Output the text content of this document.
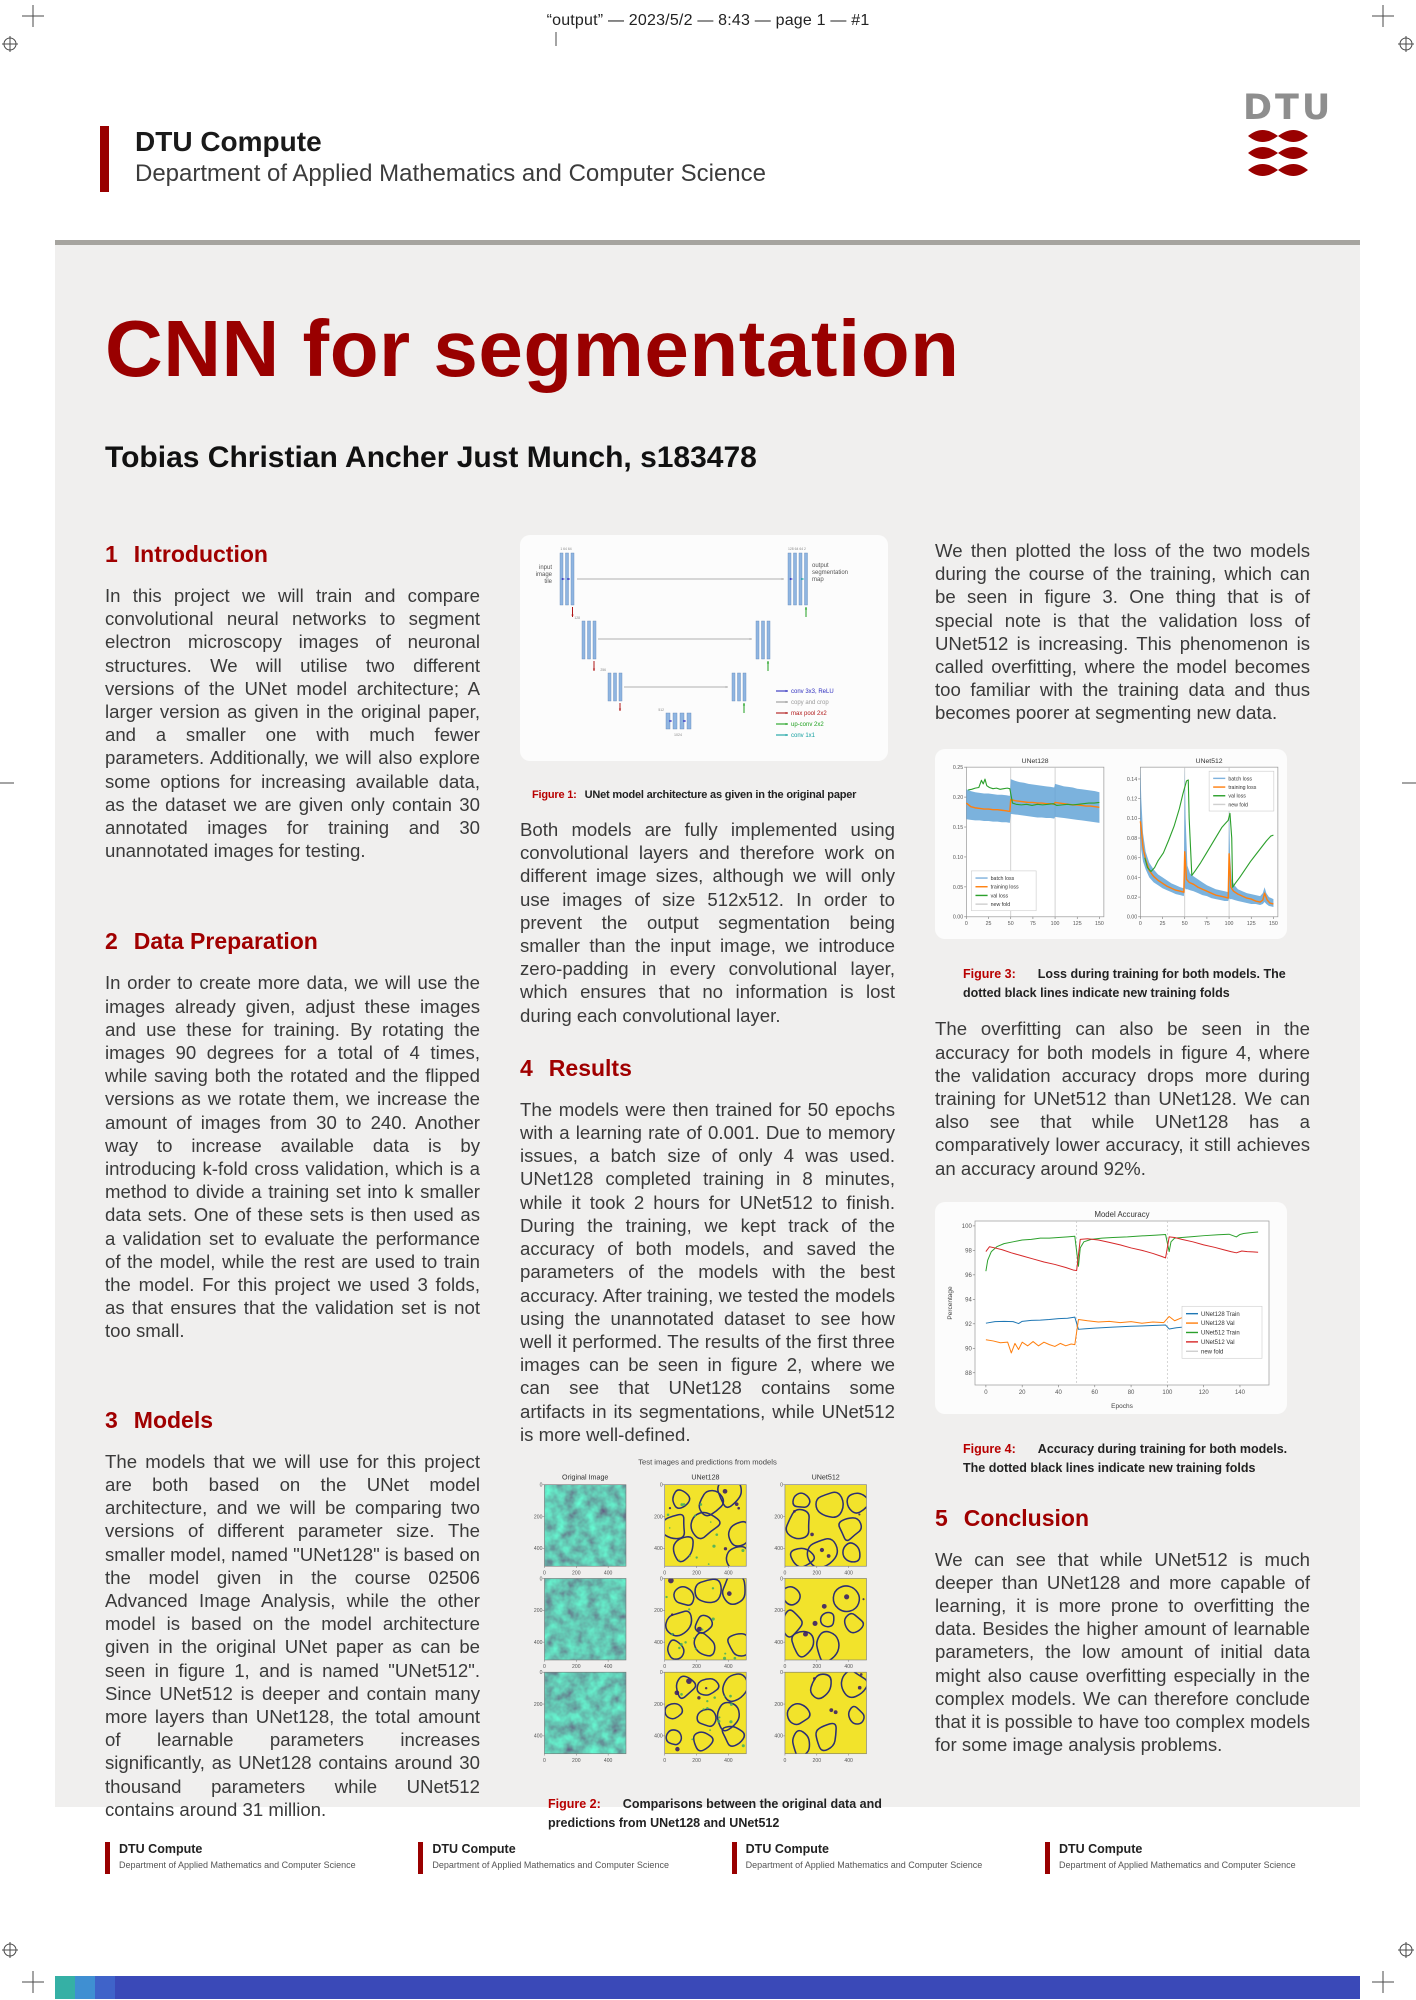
“output” — 2023/5/2 — 8:43 — page 1 — #1
DTU Compute
Department of Applied Mathematics and Computer Science
DTU
CNN for segmentation
Tobias Christian Ancher Just Munch, s183478
1 Introduction

In this project we will train and compare convolutional neural networks to segment electron microscopy images of neuronal structures. We will utilise two different versions of the UNet model architecture; A larger version as given in the original paper, and a smaller one with much fewer parameters. Additionally, we will also explore some options for increasing available data, as the dataset we are given only contain 30 annotated images for training and 30 unannotated images for testing.

2 Data Preparation

In order to create more data, we will use the images already given, adjust these images and use these for training. By rotating the images 90 degrees for a total of 4 times, while saving both the rotated and the flipped versions as we rotate them, we increase the amount of images from 30 to 240. Another way to increase available data is by introducing k-fold cross validation, which is a method to divide a training set into k smaller data sets. One of these sets is then used as a validation set to evaluate the performance of the model, while the rest are used to train the model. For this project we used 3 folds, as that ensures that the validation set is not too small.

3 Models

The models that we will use for this project are both based on the UNet model architecture, and we will be comparing two versions of different parameter size. The smaller model, named "UNet128" is based on the model given in the course 02506 Advanced Image Analysis, while the other model is based on the model architecture given in the original UNet paper as can be seen in figure 1, and is named "UNet512". Since UNet512 is deeper and contain many more layers than UNet128, the total amount of learnable parameters increases significantly, as UNet128 contains around 30 thousand parameters while UNet512 contains around 31 million.

1 64 64	128 64 64 2
input
image
tile
output
segmentation
map
128
256
512
1024
conv 3x3, ReLU
copy and crop
max pool 2x2
up-conv 2x2
conv 1x1

Figure 1: UNet model architecture as given in the original paper

Both models are fully implemented using convolutional layers and therefore work on different image sizes, although we will only use images of size 512x512. In order to prevent the output segmentation being smaller than the input image, we introduce zero-padding in every convolutional layer, which ensures that no information is lost during each convolutional layer.

4 Results

The models were then trained for 50 epochs with a learning rate of 0.001. Due to memory issues, a batch size of only 4 was used. UNet128 completed training in 8 minutes, while it took 2 hours for UNet512 to finish. During the training, we kept track of the accuracy of both models, and saved the parameters of the models with the best accuracy. After training, we tested the models using the unannotated dataset to see how well it performed. The results of the first three images can be seen in figure 2, where we can see that UNet128 contains some artifacts in its segmentations, while UNet512 is more well-defined.

Test images and predictions from models
Original Image	UNet128	UNet512
0
0
200
200
400
400
0
0
200
200
400
400
0
0
200
200
400
400
0
0
200
200
400
400
0
0
200
200
400
400
0
0
200
200
400
400
0
0
200
200
400
400
0
0
200
200
400
400
0
0
200
200
400
400

Figure 2: Comparisons between the original data and predictions from UNet128 and UNet512

We then plotted the loss of the two models during the course of the training, which can be seen in figure 3. One thing that is of special note is that the validation loss of UNet512 is increasing. This phenomenon is called overfitting, where the model becomes too familiar with the training data and thus becomes poorer at segmenting new data.

0	25	50	75	100	125	150
0.00
0.05
0.10
0.15
0.20
0.25
UNet128
batch loss
training loss
val loss
new fold
0	25	50	75	100	125	150
0.00
0.02
0.04
0.06
0.08
0.10
0.12
0.14
UNet512
batch loss
training loss
val loss
new fold

Figure 3: Loss during training for both models. The dotted black lines indicate new training folds

The overfitting can also be seen in the accuracy for both models in figure 4, where the validation accuracy drops more during training for UNet512 than UNet128. We can also see that while UNet128 has a comparatively lower accuracy, it still achieves an accuracy around 92%.

0	20	40	60	80	100	120	140
88
90
92
94
96
98
100
Model Accuracy
Epochs
Percentage	UNet128 Train
UNet128 Val
UNet512 Train
UNet512 Val
new fold

Figure 4: Accuracy during training for both models. The dotted black lines indicate new training folds

5 Conclusion

We can see that while UNet512 is much deeper than UNet128 and more capable of learning, it is more prone to overfitting the data. Besides the higher amount of learnable parameters, the low amount of initial data might also cause overfitting especially in the complex models. We can therefore conclude that it is possible to have too complex models for some image analysis problems.

DTU Compute
Department of Applied Mathematics and Computer Science
DTU Compute
Department of Applied Mathematics and Computer Science
DTU Compute
Department of Applied Mathematics and Computer Science
DTU Compute
Department of Applied Mathematics and Computer Science
